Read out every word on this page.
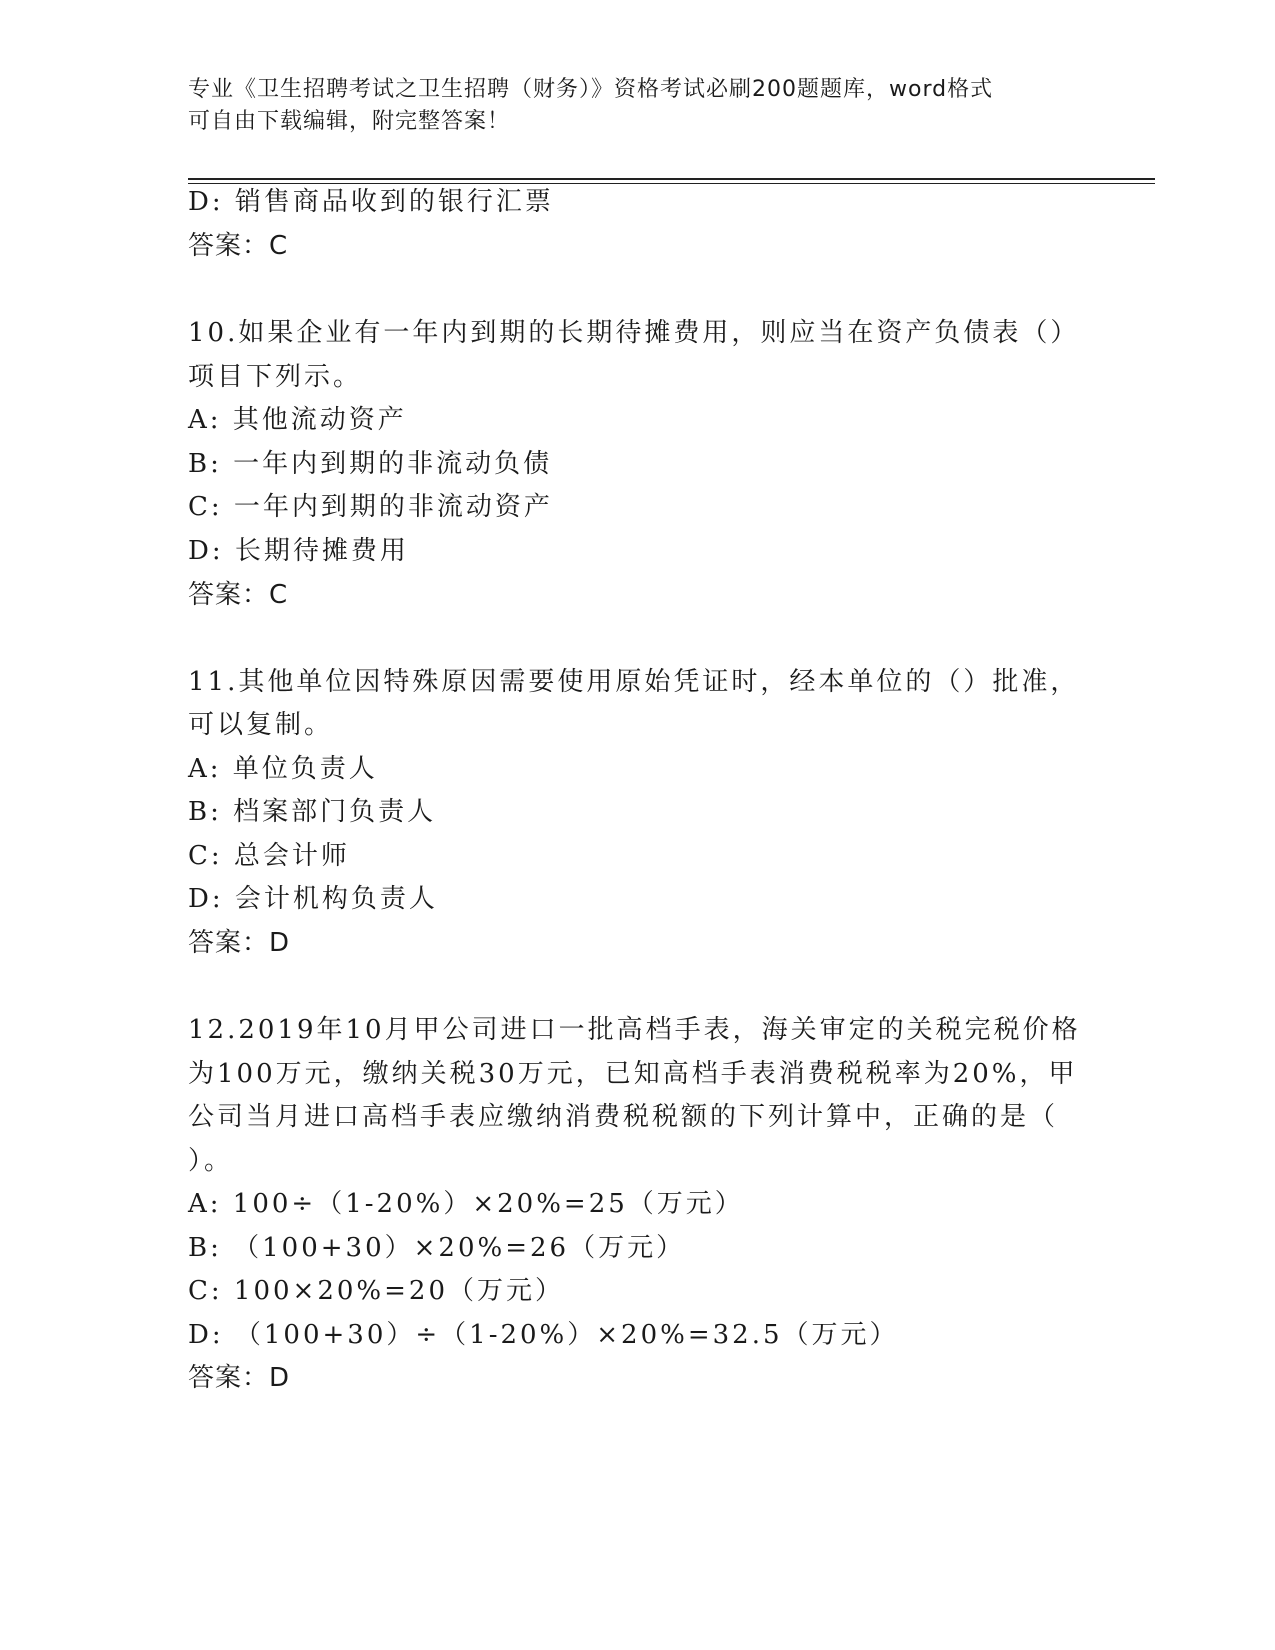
专业《卫生招聘考试之卫生招聘（财务）》资格考试必刷200题题库，word格式
可自由下载编辑，附完整答案！
D: 销售商品收到的银行汇票
答案：C
10.如果企业有一年内到期的长期待摊费用，则应当在资产负债表（）
项目下列示。
A: 其他流动资产
B: 一年内到期的非流动负债
C: 一年内到期的非流动资产
D: 长期待摊费用
答案：C
11.其他单位因特殊原因需要使用原始凭证时，经本单位的（）批准，
可以复制。
A: 单位负责人
B: 档案部门负责人
C: 总会计师
D: 会计机构负责人
答案：D
12.2019年10月甲公司进口一批高档手表，海关审定的关税完税价格
为100万元，缴纳关税30万元，已知高档手表消费税税率为20%，甲
公司当月进口高档手表应缴纳消费税税额的下列计算中，正确的是（
）。
A: 100÷（1-20%）×20%=25（万元）
B: （100+30）×20%=26（万元）
C: 100×20%=20（万元）
D: （100+30）÷（1-20%）×20%=32.5（万元）
答案：D
